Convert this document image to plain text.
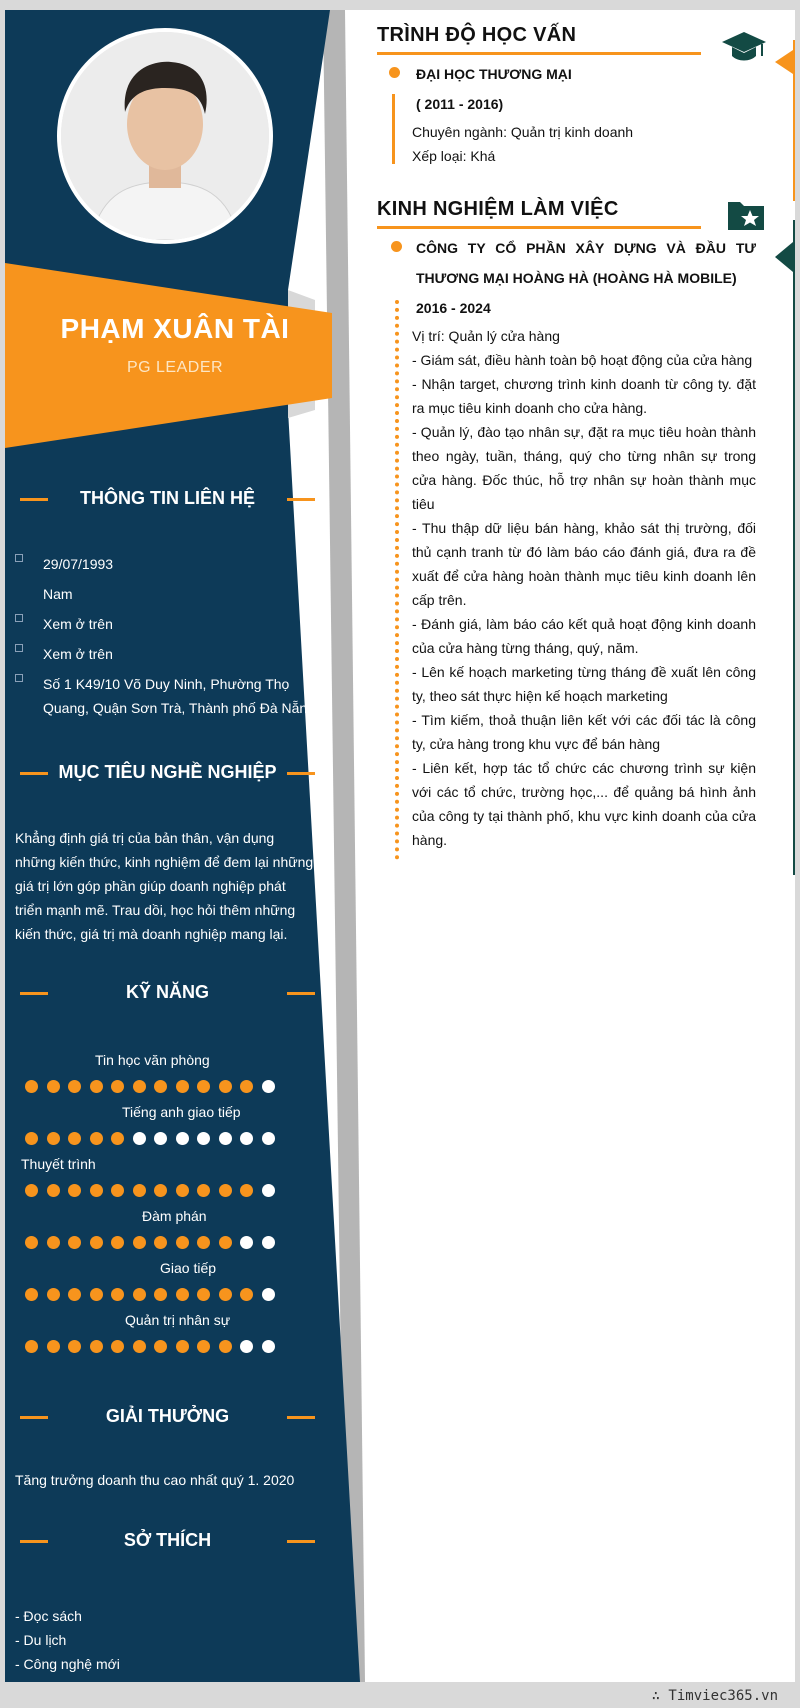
PHẠM XUÂN TÀI
PG LEADER
THÔNG TIN LIÊN HỆ
29/07/1993
Nam
Xem ở trên
Xem ở trên
Số 1 K49/10 Võ Duy Ninh, Phường Thọ Quang, Quận Sơn Trà, Thành phố Đà Nẵng
MỤC TIÊU NGHỀ NGHIỆP
Khẳng định giá trị của bản thân, vận dụng những kiến thức, kinh nghiệm để đem lại những giá trị lớn góp phần giúp doanh nghiệp phát triển mạnh mẽ. Trau dồi, học hỏi thêm những kiến thức, giá trị mà doanh nghiệp mang lại.
KỸ NĂNG
Tin học văn phòng
Tiếng anh giao tiếp
Thuyết trình
Đàm phán
Giao tiếp
Quản trị nhân sự
GIẢI THƯỞNG
Tăng trưởng doanh thu cao nhất quý 1. 2020
SỞ THÍCH
- Đọc sách
- Du lịch
- Công nghệ mới
TRÌNH ĐỘ HỌC VẤN
ĐẠI HỌC THƯƠNG MẠI
( 2011 - 2016)
Chuyên ngành: Quản trị kinh doanh
Xếp loại: Khá
KINH NGHIỆM LÀM VIỆC
CÔNG TY CỔ PHẦN XÂY DỰNG VÀ ĐẦU TƯ
THƯƠNG MẠI HOÀNG HÀ (HOÀNG HÀ MOBILE)
2016 - 2024
Vị trí: Quản lý cửa hàng
- Giám sát, điều hành toàn bộ hoạt động của cửa hàng
- Nhận target, chương trình kinh doanh từ công ty. đặt ra mục tiêu kinh doanh cho cửa hàng.
- Quản lý, đào tạo nhân sự, đặt ra mục tiêu hoàn thành theo ngày, tuần, tháng, quý cho từng nhân sự trong cửa hàng. Đốc thúc, hỗ trợ nhân sự hoàn thành mục tiêu
- Thu thập dữ liệu bán hàng, khảo sát thị trường, đối thủ cạnh tranh từ đó làm báo cáo đánh giá, đưa ra đề xuất để cửa hàng hoàn thành mục tiêu kinh doanh lên cấp trên.
- Đánh giá, làm báo cáo kết quả hoạt động kinh doanh của cửa hàng từng tháng, quý, năm.
- Lên kế hoạch marketing từng tháng đề xuất lên công ty, theo sát thực hiện kế hoạch marketing
- Tìm kiếm, thoả thuận liên kết với các đối tác là công ty, cửa hàng trong khu vực để bán hàng
- Liên kết, hợp tác tổ chức các chương trình sự kiện với các tổ chức, trường học,... để quảng bá hình ảnh của công ty tại thành phố, khu vực kinh doanh của cửa hàng.
∴ Timviec365.vn
